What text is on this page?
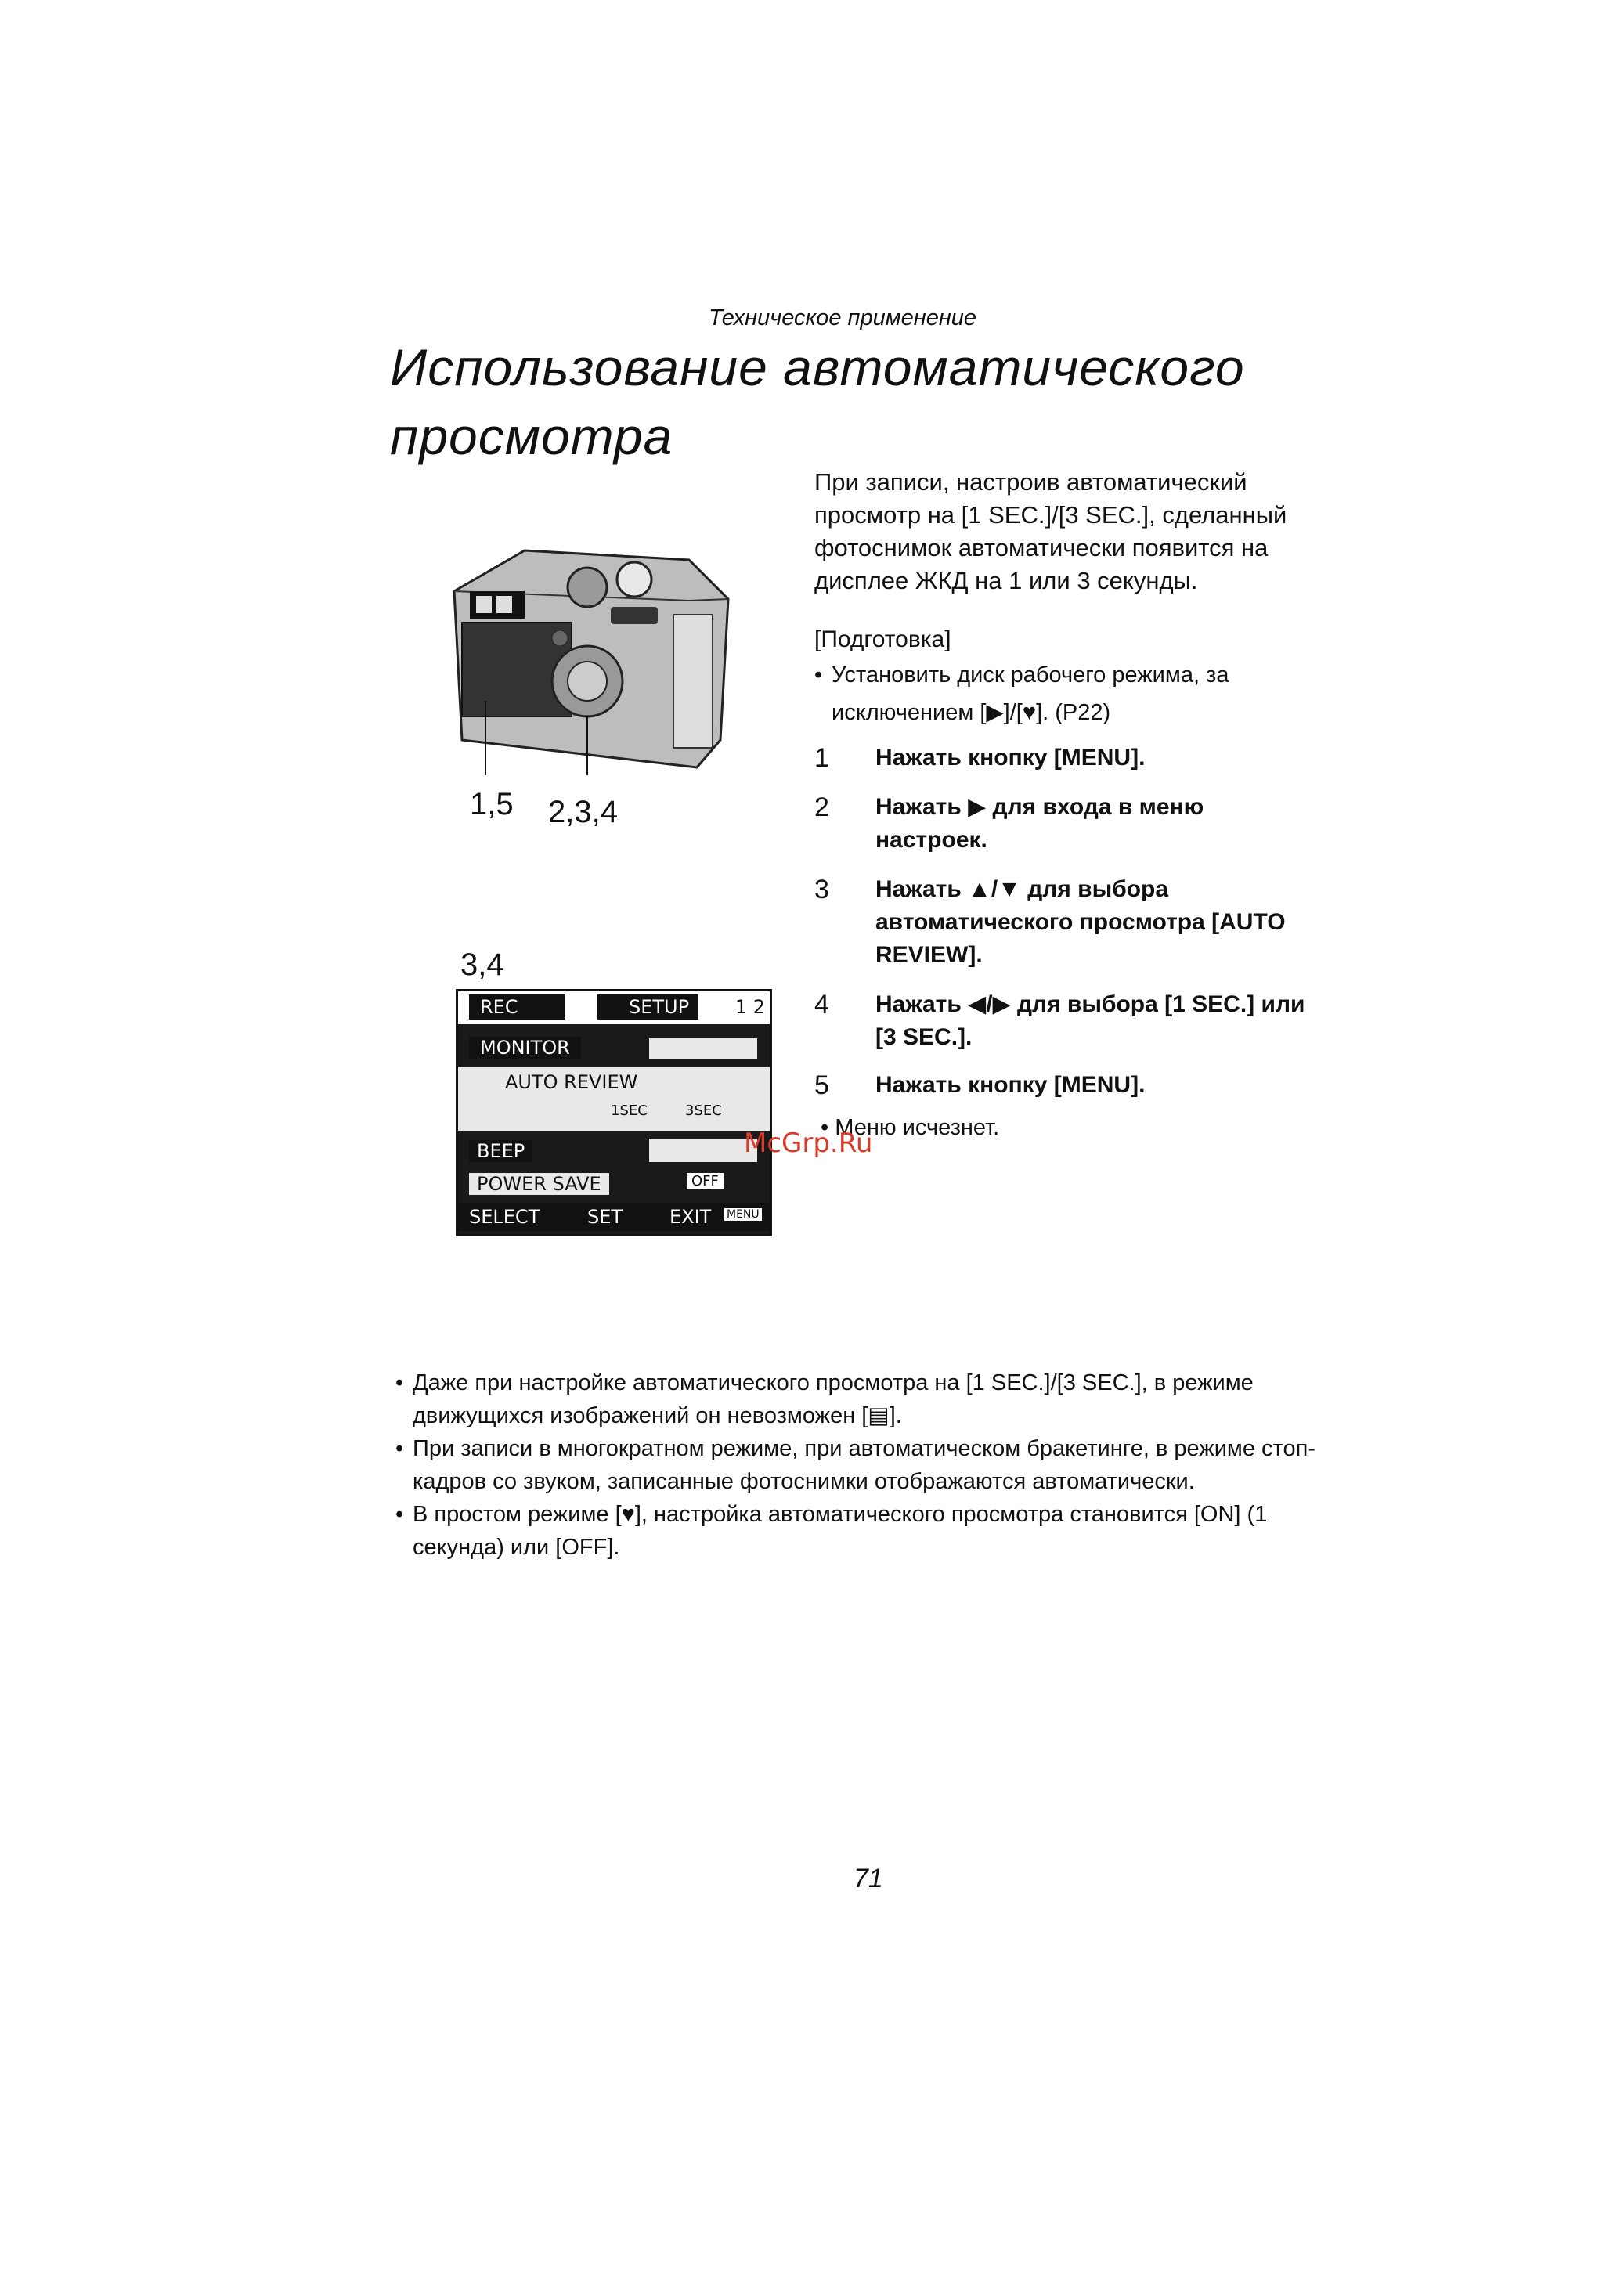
Техническое применение
Использование автоматического
просмотра
1,5 2,3,4
3,4
REC	SETUP	1 2
MONITOR
AUTO REVIEW
1SEC	3SEC
BEEP
POWER SAVE	OFF
SELECT	SET EXIT MENU
При записи, настроив автоматический просмотр на [1 SEC.]/[3 SEC.], сделанный фотоснимок автоматически появится на дисплее ЖКД на 1 или 3 секунды.
[Подготовка]
• Установить диск рабочего режима, за исключением [▶]/[♥]. (P22)
1	Нажать кнопку [MENU].
2	Нажать ▶ для входа в меню настроек.
3	Нажать ▲/▼ для выбора автоматического просмотра [AUTO REVIEW].
4	Нажать ◀/▶ для выбора [1 SEC.] или [3 SEC.].
5	Нажать кнопку [MENU].
• Меню исчезнет.
McGrp.Ru
• Даже при настройке автоматического просмотра на [1 SEC.]/[3 SEC.], в режиме движущихся изображений он невозможен [▤].
• При записи в многократном режиме, при автоматическом бракетинге, в режиме стоп-кадров со звуком, записанные фотоснимки отображаются автоматически.
• В простом режиме [♥], настройка автоматического просмотра становится [ON] (1 секунда) или [OFF].
71
